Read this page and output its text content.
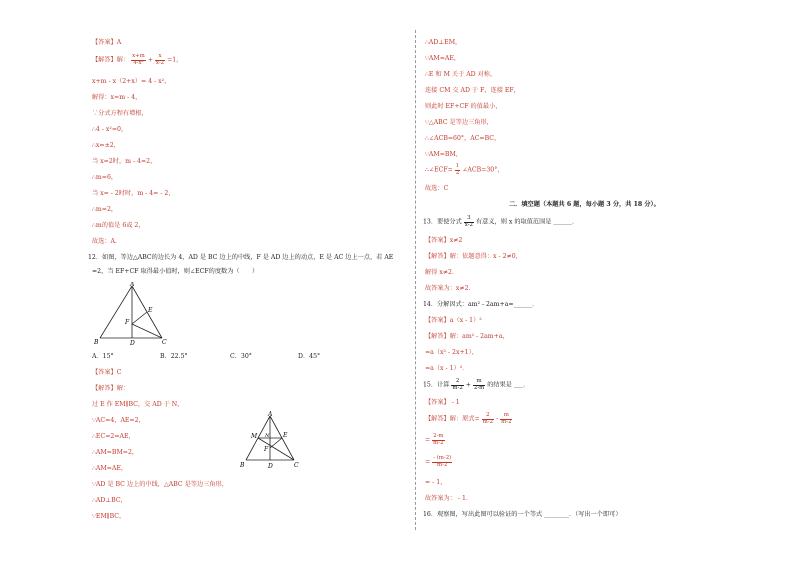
【答案】A
【解答】解： $\frac{x+m}{\text{4-x²}} + \frac{x}{x-2} =1$，
x+m - x（2+x）= 4 - x²，
解得：x=m - 4，
∵分式方程有增根，
∴4 - x²=0，
∴x=±2，
当 x=2时，m - 4=2，
∴m=6，
当 x= - 2时时，m - 4= - 2，
∴m=2，
∴m的值是 6或 2，
故选：A．
12．如图，等边△ABC的边长为 4，AD 是 BC 边上的中线，F 是 AD 边上的动点，E 是 AC 边上一点，若 AE
=2，当 EF+CF 取得最小值时，则∠ECF的度数为（　　）
A
B	C
D
E
F
A．15°	B．22.5°	C．30°	D．45°
【答案】C
【解答】解：
过 E 作 EM∥BC，交 AD 于 N，
∵AC=4，AE=2，
∴EC=2=AE，
∴AM=BM=2，
∴AM=AE，
∵AD 是 BC 边上的中线，△ABC 是等边三角形，
∴AD⊥BC，
∵EM∥BC，
A
B	C
D
E
F
M N
∴AD⊥EM，
∵AM=AE，
∴E 和 M 关于 AD 对称，
连接 CM 交 AD 于 F，连接 EF，
则此时 EF+CF 的值最小，
∵△ABC 是等边三角形，
∴∠ACB=60°，AC=BC，
∵AM=BM，
∴∠ECF= $\frac{1}{2}$ ∠ACB=30°，
故选：C
二．填空题（本题共 6 题，每小题 3 分，共 18 分）。
13．要使分式 $\frac{3}{x-2}$ 有意义，则 x 的取值范围是 ______．
【答案】x≠2
【解答】解：依题意得：x - 2≠0，
解得 x≠2．
故答案为：x≠2．
14．分解因式：am² - 2am+a=______．
【答案】a（x - 1）²
【解答】解：am² - 2am+a，
=a（x² - 2x+1），
=a（x - 1）²．
15．计算 $\frac{2}{m-2} + \frac{m}{2-m}$ 的结果是 ___．
【答案】 - 1
【解答】解：原式= $\frac{2}{m-2} - \frac{m}{m-2}$
= $\frac{2-m}{m-2}$
= $\frac{- (m-2)}{m-2}$
= - 1，
故答案为： - 1．
16．观察图，写出此图可以验证的一个等式 ________．（写出一个即可）
